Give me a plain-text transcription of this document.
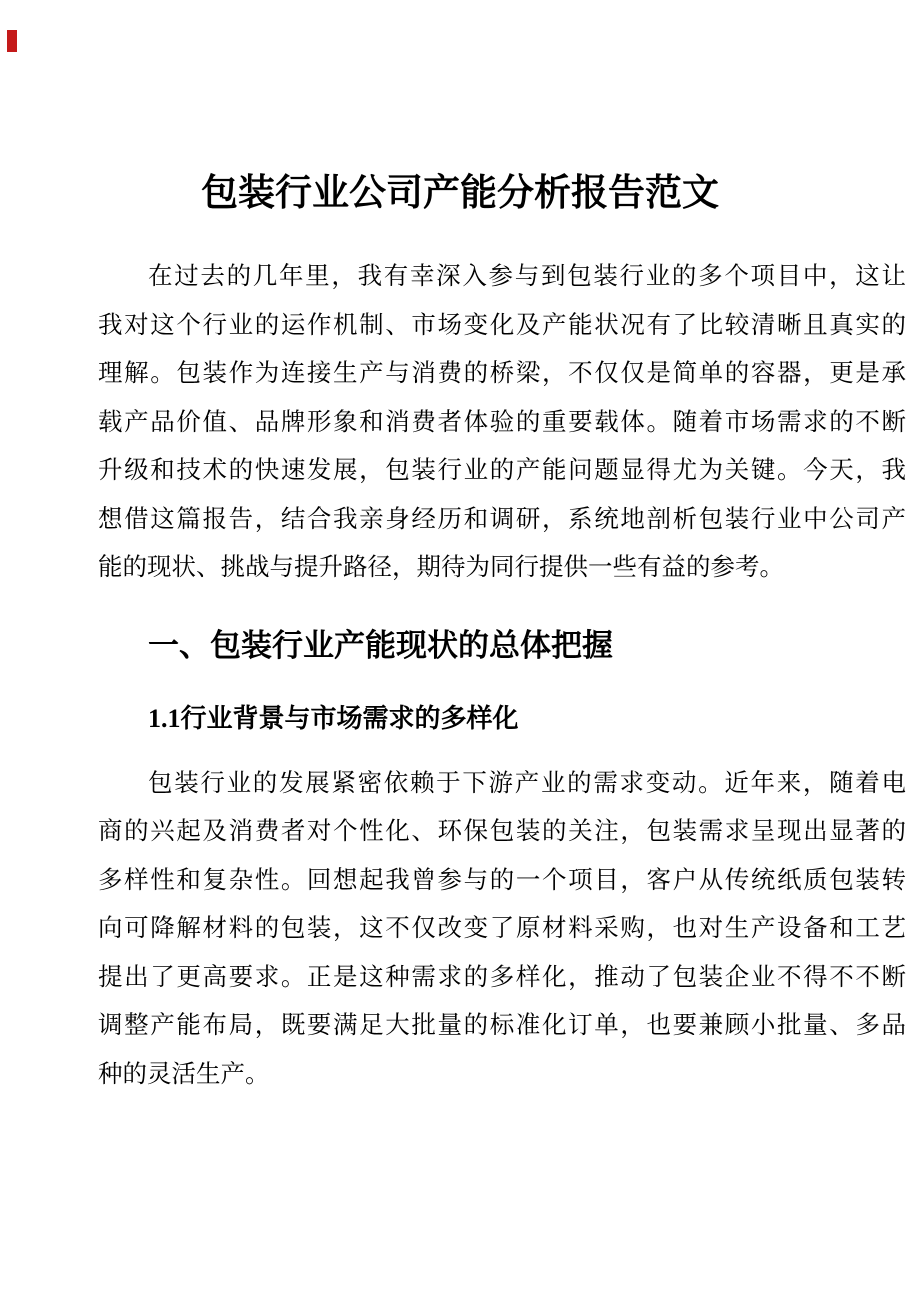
包装行业公司产能分析报告范文
在过去的几年里，我有幸深入参与到包装行业的多个项目中，这让
我对这个行业的运作机制、市场变化及产能状况有了比较清晰且真实的
理解。包装作为连接生产与消费的桥梁，不仅仅是简单的容器，更是承
载产品价值、品牌形象和消费者体验的重要载体。随着市场需求的不断
升级和技术的快速发展，包装行业的产能问题显得尤为关键。今天，我
想借这篇报告，结合我亲身经历和调研，系统地剖析包装行业中公司产
能的现状、挑战与提升路径，期待为同行提供一些有益的参考。
一、包装行业产能现状的总体把握
1.1行业背景与市场需求的多样化
包装行业的发展紧密依赖于下游产业的需求变动。近年来，随着电
商的兴起及消费者对个性化、环保包装的关注，包装需求呈现出显著的
多样性和复杂性。回想起我曾参与的一个项目，客户从传统纸质包装转
向可降解材料的包装，这不仅改变了原材料采购，也对生产设备和工艺
提出了更高要求。正是这种需求的多样化，推动了包装企业不得不不断
调整产能布局，既要满足大批量的标准化订单，也要兼顾小批量、多品
种的灵活生产。
